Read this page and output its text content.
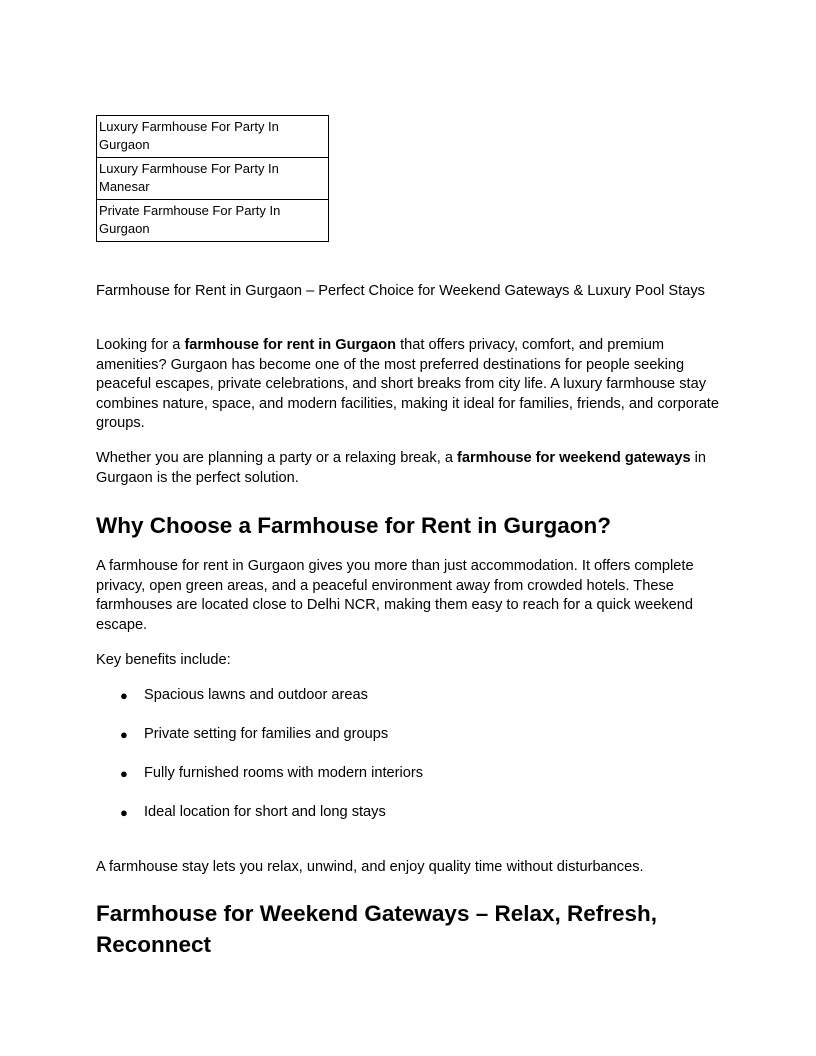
Luxury Farmhouse For Party In Gurgaon
Luxury Farmhouse For Party In Manesar
Private Farmhouse For Party In Gurgaon

Farmhouse for Rent in Gurgaon – Perfect Choice for Weekend Gateways & Luxury Pool Stays

Looking for a farmhouse for rent in Gurgaon that offers privacy, comfort, and premium amenities? Gurgaon has become one of the most preferred destinations for people seeking peaceful escapes, private celebrations, and short breaks from city life. A luxury farmhouse stay combines nature, space, and modern facilities, making it ideal for families, friends, and corporate groups.

Whether you are planning a party or a relaxing break, a farmhouse for weekend gateways in Gurgaon is the perfect solution.

Why Choose a Farmhouse for Rent in Gurgaon?

A farmhouse for rent in Gurgaon gives you more than just accommodation. It offers complete privacy, open green areas, and a peaceful environment away from crowded hotels. These farmhouses are located close to Delhi NCR, making them easy to reach for a quick weekend escape.

Key benefits include:

● Spacious lawns and outdoor areas
● Private setting for families and groups
● Fully furnished rooms with modern interiors
● Ideal location for short and long stays

A farmhouse stay lets you relax, unwind, and enjoy quality time without disturbances.

Farmhouse for Weekend Gateways – Relax, Refresh, Reconnect
